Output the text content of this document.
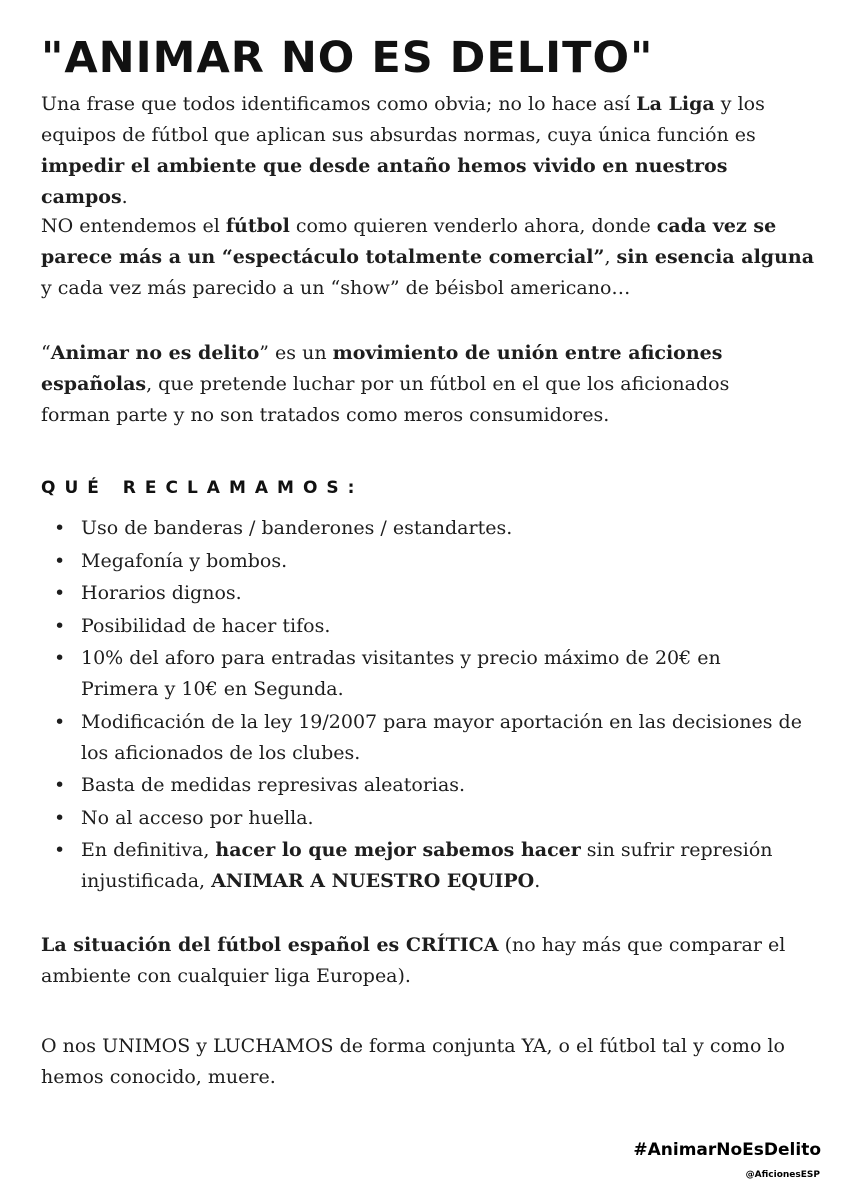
"ANIMAR NO ES DELITO"

Una frase que todos identificamos como obvia; no lo hace así La Liga y los equipos de fútbol que aplican sus absurdas normas, cuya única función es impedir el ambiente que desde antaño hemos vivido en nuestros campos.

NO entendemos el fútbol como quieren venderlo ahora, donde cada vez se parece más a un “espectáculo totalmente comercial”, sin esencia alguna y cada vez más parecido a un “show” de béisbol americano…

“Animar no es delito” es un movimiento de unión entre aficiones españolas, que pretende luchar por un fútbol en el que los aficionados forman parte y no son tratados como meros consumidores.

QUÉ RECLAMAMOS:
• Uso de banderas / banderones / estandartes.
• Megafonía y bombos.
• Horarios dignos.
• Posibilidad de hacer tifos.
• 10% del aforo para entradas visitantes y precio máximo de 20€ en Primera y 10€ en Segunda.
• Modificación de la ley 19/2007 para mayor aportación en las decisiones de los aficionados de los clubes.
• Basta de medidas represivas aleatorias.
• No al acceso por huella.
• En definitiva, hacer lo que mejor sabemos hacer sin sufrir represión injustificada, ANIMAR A NUESTRO EQUIPO.

La situación del fútbol español es CRÍTICA (no hay más que comparar el ambiente con cualquier liga Europea).

O nos UNIMOS y LUCHAMOS de forma conjunta YA, o el fútbol tal y como lo hemos conocido, muere.

#AnimarNoEsDelito
@AficionesESP
